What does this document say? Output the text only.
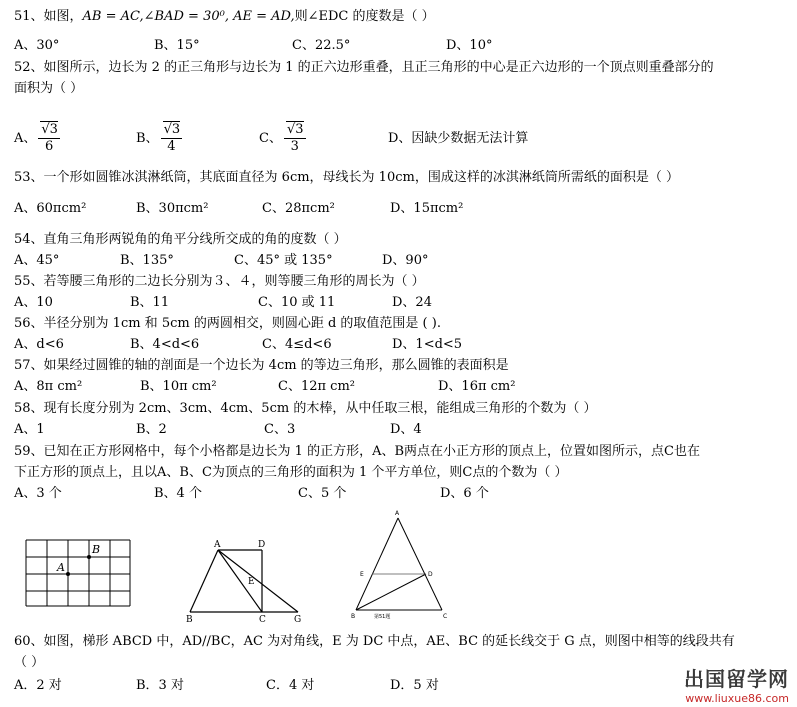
51、如图，AB = AC,∠BAD = 30⁰, AE = AD,则∠EDC 的度数是（ ）
A、30°	B、15°	C、22.5°	D、10°
52、如图所示，边长为 2 的正三角形与边长为 1 的正六边形重叠，且正三角形的中心是正六边形的一个顶点则重叠部分的
面积为（ ）
A、 $\frac{√3}{6}$	B、 $\frac{√3}{4}$	C、 $\frac{√3}{3}$	D、因缺少数据无法计算
53、一个形如圆锥冰淇淋纸筒，其底面直径为 6cm，母线长为 10cm，围成这样的冰淇淋纸筒所需纸的面积是（ ）
A、60πcm²	B、30πcm²	C、28πcm²	D、15πcm²
54、直角三角形两锐角的角平分线所交成的角的度数（ ）
A、45°	B、135°	C、45° 或 135°	D、90°
55、若等腰三角形的二边长分别为３、４，则等腰三角形的周长为（ ）
A、10	B、11	C、10 或 11	D、24
56、半径分别为 1cm 和 5cm 的两圆相交，则圆心距 d 的取值范围是 ( ).
A、d<6	B、4<d<6	C、4≤d<6	D、1<d<5
57、如果经过圆锥的轴的剖面是一个边长为 4cm 的等边三角形，那么圆锥的表面积是
A、8π cm²	B、10π cm²	C、12π cm²	D、16π cm²
58、现有长度分别为 2cm、3cm、4cm、5cm 的木棒，从中任取三根，能组成三角形的个数为（ ）
A、1	B、2	C、3	D、4
59、已知在正方形网格中，每个小格都是边长为 1 的正方形，A、B两点在小正方形的顶点上，位置如图所示，点C也在
下正方形的顶点上，且以A、B、C为顶点的三角形的面积为 1 个平方单位，则C点的个数为（ ）
A、3 个	B、4 个	C、5 个	D、6 个
A
B	A	D
E
B	C	G
A
E	D
B	C
第51题
60、如图，梯形 ABCD 中，AD//BC，AC 为对角线，E 为 DC 中点，AE、BC 的延长线交于 G 点，则图中相等的线段共有
（ ）
A．2 对	B．3 对	C．4 对	D．5 对	出国留学网
www.liuxue86.com
